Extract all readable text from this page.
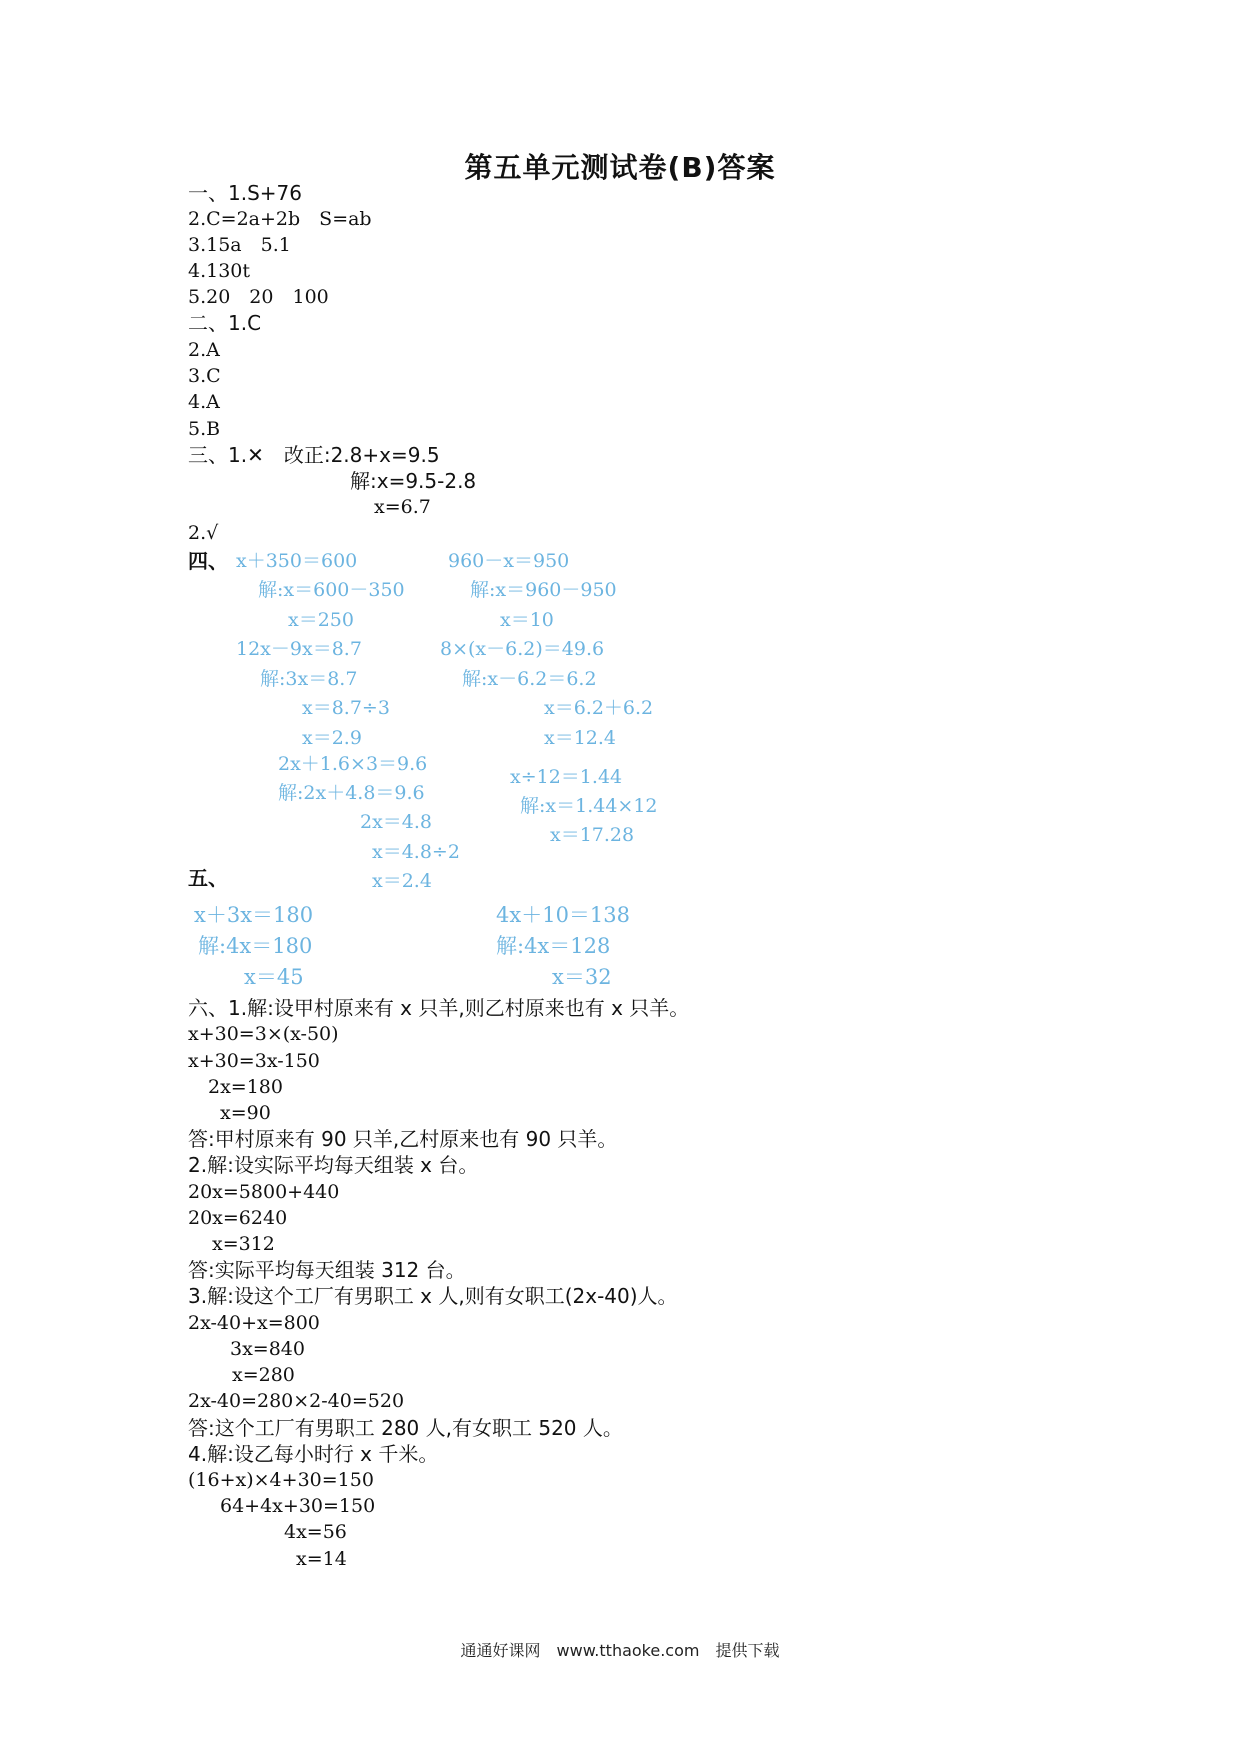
第五单元测试卷(B)答案
一、1.S+76
2.C=2a+2b　S=ab
3.15a　5.1
4.130t
5.20　20　100
二、1.C
2.A
3.C
4.A
5.B
三、1.✕　改正:2.8+x=9.5
解:x=9.5-2.8
x=6.7
2.√
四、 x＋350＝600
解:x＝600－350
x＝250
960－x＝950
解:x＝960－950
x＝10
12x－9x＝8.7
解:3x＝8.7
x＝8.7÷3
x＝2.9
8×(x－6.2)＝49.6
解:x－6.2＝6.2
x＝6.2＋6.2
x＝12.4
2x＋1.6×3＝9.6
解:2x＋4.8＝9.6
2x＝4.8
x＝4.8÷2
x＝2.4
x÷12＝1.44
解:x＝1.44×12
x＝17.28
五、
x＋3x＝180
解:4x＝180
x＝45
4x＋10＝138
解:4x＝128
x＝32
六、1.解:设甲村原来有 x 只羊,则乙村原来也有 x 只羊。
x+30=3×(x-50)
x+30=3x-150
2x=180
x=90
答:甲村原来有 90 只羊,乙村原来也有 90 只羊。
2.解:设实际平均每天组装 x 台。
20x=5800+440
20x=6240
x=312
答:实际平均每天组装 312 台。
3.解:设这个工厂有男职工 x 人,则有女职工(2x-40)人。
2x-40+x=800
3x=840
x=280
2x-40=280×2-40=520
答:这个工厂有男职工 280 人,有女职工 520 人。
4.解:设乙每小时行 x 千米。
(16+x)×4+30=150
64+4x+30=150
4x=56
x=14
通通好课网　www.tthaoke.com　提供下载
